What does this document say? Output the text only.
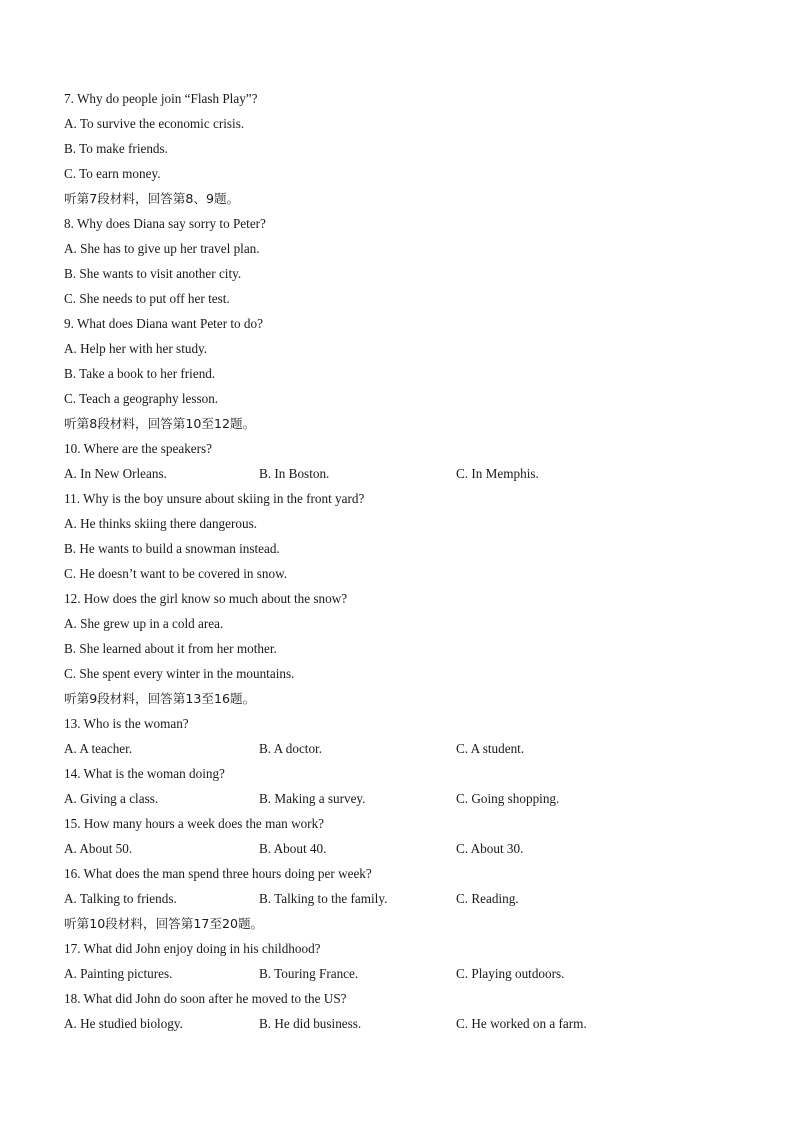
7. Why do people join “Flash Play”?
A. To survive the economic crisis.
B. To make friends.
C. To earn money.
听第7段材料，回答第8、9题。
8. Why does Diana say sorry to Peter?
A. She has to give up her travel plan.
B. She wants to visit another city.
C. She needs to put off her test.
9. What does Diana want Peter to do?
A. Help her with her study.
B. Take a book to her friend.
C. Teach a geography lesson.
听第8段材料，回答第10至12题。
10. Where are the speakers?
A. In New Orleans.	B. In Boston.	C. In Memphis.
11. Why is the boy unsure about skiing in the front yard?
A. He thinks skiing there dangerous.
B. He wants to build a snowman instead.
C. He doesn’t want to be covered in snow.
12. How does the girl know so much about the snow?
A. She grew up in a cold area.
B. She learned about it from her mother.
C. She spent every winter in the mountains.
听第9段材料，回答第13至16题。
13. Who is the woman?
A. A teacher.	B. A doctor.	C. A student.
14. What is the woman doing?
A. Giving a class.	B. Making a survey.	C. Going shopping.
15. How many hours a week does the man work?
A. About 50.	B. About 40.	C. About 30.
16. What does the man spend three hours doing per week?
A. Talking to friends.	B. Talking to the family.	C. Reading.
听第10段材料，回答第17至20题。
17. What did John enjoy doing in his childhood?
A. Painting pictures.	B. Touring France.	C. Playing outdoors.
18. What did John do soon after he moved to the US?
A. He studied biology.	B. He did business.	C. He worked on a farm.
